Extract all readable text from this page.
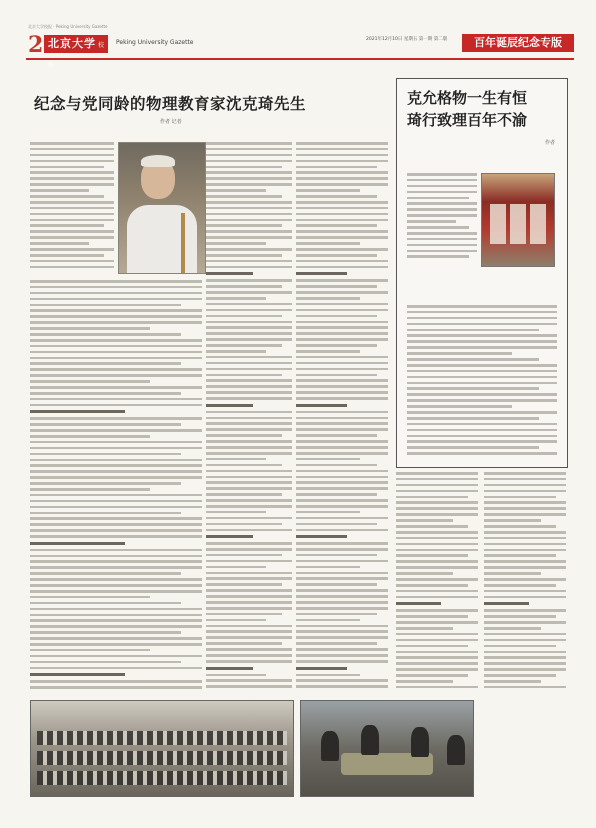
北京大学校报 · Peking University Gazette
2 北京大学 校报
Peking University Gazette	2021年12月10日 星期五 第一期 第二版	百年诞辰纪念专版
纪念与党同龄的物理教育家沈克琦先生
作者 记者
克允格物一生有恒
琦行致理百年不渝
作者
